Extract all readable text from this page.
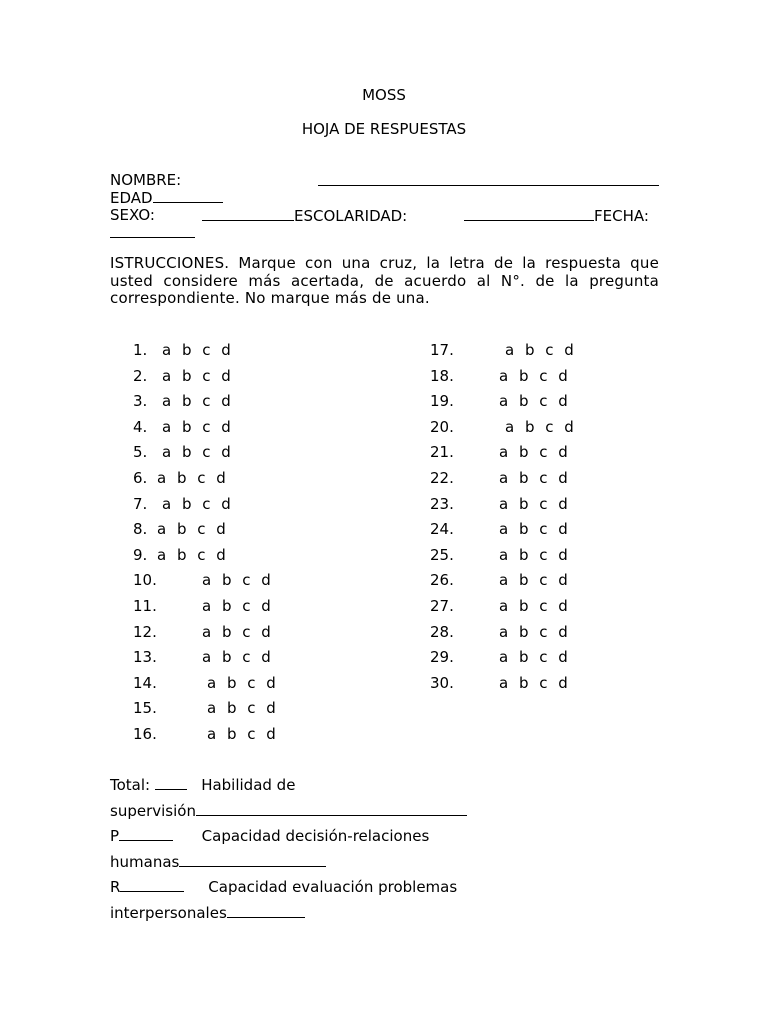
MOSS
HOJA DE RESPUESTAS
NOMBRE:
EDAD
SEXO:	ESCOLARIDAD:	FECHA:
ISTRUCCIONES. Marque con una cruz, la letra de la respuesta que usted considere más acertada, de acuerdo al N°. de la pregunta correspondiente. No marque más de una.
1. a b c d
2. a b c d
3. a b c d
4. a b c d
5. a b c d
6. a b c d
7. a b c d
8. a b c d
9. a b c d
10.	a b c d
11.	a b c d
12.	a b c d
13.	a b c d
14.	a b c d
15.	a b c d
16.	a b c d
17.	a b c d
18.	a b c d
19.	a b c d
20.	a b c d
21.	a b c d
22.	a b c d
23.	a b c d
24.	a b c d
25.	a b c d
26.	a b c d
27.	a b c d
28.	a b c d
29.	a b c d
30.	a b c d
Total:	Habilidad de
supervisión
P	Capacidad decisión-relaciones
humanas
R	Capacidad evaluación problemas
interpersonales
